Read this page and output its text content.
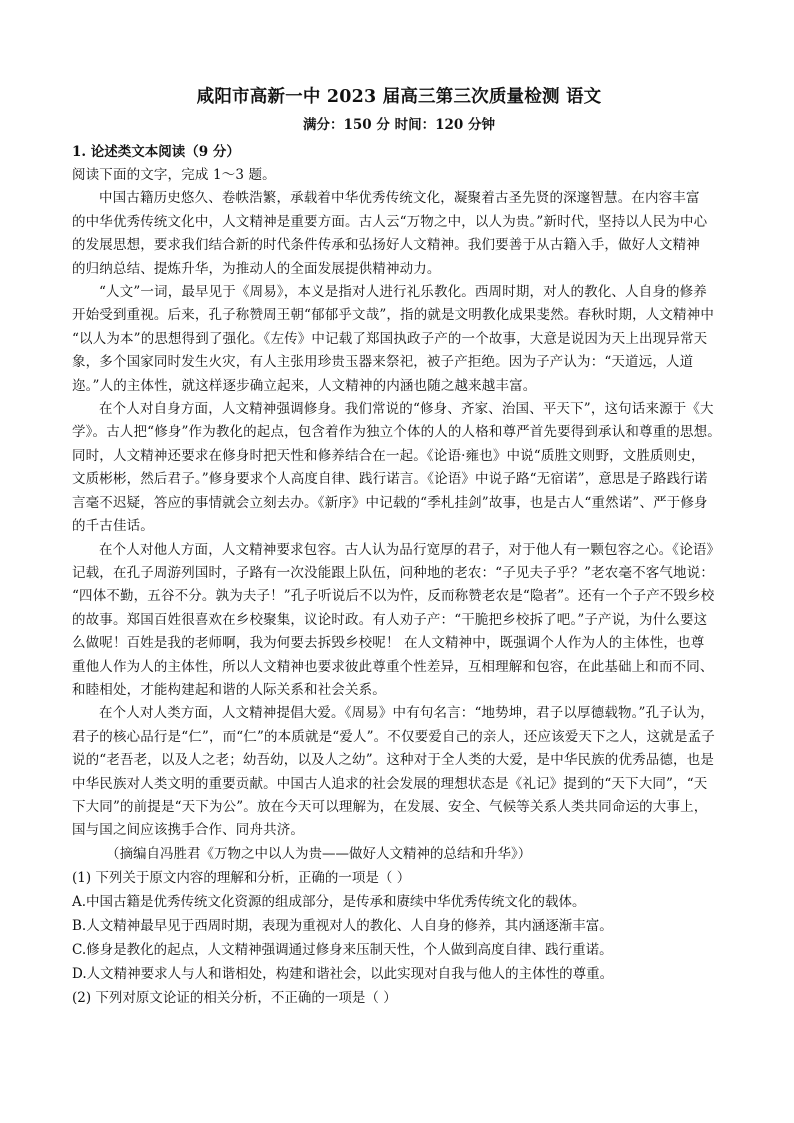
咸阳市高新一中 2023 届高三第三次质量检测 语文
满分：150 分 时间：120 分钟
1. 论述类文本阅读（9 分）
阅读下面的文字，完成 1～3 题。
中国古籍历史悠久、卷帙浩繁，承载着中华优秀传统文化，凝聚着古圣先贤的深邃智慧。在内容丰富
的中华优秀传统文化中，人文精神是重要方面。古人云“万物之中，以人为贵。”新时代，坚持以人民为中心
的发展思想，要求我们结合新的时代条件传承和弘扬好人文精神。我们要善于从古籍入手，做好人文精神
的归纳总结、提炼升华，为推动人的全面发展提供精神动力。
“人文”一词，最早见于《周易》，本义是指对人进行礼乐教化。西周时期，对人的教化、人自身的修养
开始受到重视。后来，孔子称赞周王朝“郁郁乎文哉”，指的就是文明教化成果斐然。春秋时期，人文精神中
“以人为本”的思想得到了强化。《左传》中记载了郑国执政子产的一个故事，大意是说因为天上出现异常天
象，多个国家同时发生火灾，有人主张用珍贵玉器来祭祀，被子产拒绝。因为子产认为：“天道远，人道
迩。”人的主体性，就这样逐步确立起来，人文精神的内涵也随之越来越丰富。
在个人对自身方面，人文精神强调修身。我们常说的“修身、齐家、治国、平天下”，这句话来源于《大
学》。古人把“修身”作为教化的起点，包含着作为独立个体的人的人格和尊严首先要得到承认和尊重的思想。
同时，人文精神还要求在修身时把天性和修养结合在一起。《论语·雍也》中说“质胜文则野，文胜质则史，
文质彬彬，然后君子。”修身要求个人高度自律、践行诺言。《论语》中说子路“无宿诺”，意思是子路践行诺
言毫不迟疑，答应的事情就会立刻去办。《新序》中记载的“季札挂剑”故事，也是古人“重然诺”、严于修身
的千古佳话。
在个人对他人方面，人文精神要求包容。古人认为品行宽厚的君子，对于他人有一颗包容之心。《论语》
记载，在孔子周游列国时，子路有一次没能跟上队伍，问种地的老农：“子见夫子乎？”老农毫不客气地说：
“四体不勤，五谷不分。孰为夫子！”孔子听说后不以为忤，反而称赞老农是“隐者”。还有一个子产不毁乡校
的故事。郑国百姓很喜欢在乡校聚集，议论时政。有人劝子产：“干脆把乡校拆了吧。”子产说，为什么要这
么做呢！百姓是我的老师啊，我为何要去拆毁乡校呢！ 在人文精神中，既强调个人作为人的主体性，也尊
重他人作为人的主体性，所以人文精神也要求彼此尊重个性差异，互相理解和包容，在此基础上和而不同、
和睦相处，才能构建起和谐的人际关系和社会关系。
在个人对人类方面，人文精神提倡大爱。《周易》中有句名言：“地势坤，君子以厚德载物。”孔子认为，
君子的核心品行是“仁”，而“仁”的本质就是“爱人”。不仅要爱自己的亲人，还应该爱天下之人，这就是孟子
说的“老吾老，以及人之老；幼吾幼，以及人之幼”。这种对于全人类的大爱，是中华民族的优秀品德，也是
中华民族对人类文明的重要贡献。中国古人追求的社会发展的理想状态是《礼记》提到的“天下大同”，“天
下大同”的前提是“天下为公”。放在今天可以理解为，在发展、安全、气候等关系人类共同命运的大事上，
国与国之间应该携手合作、同舟共济。
（摘编自冯胜君《万物之中以人为贵——做好人文精神的总结和升华》）
(1) 下列关于原文内容的理解和分析，正确的一项是（ ）
A.中国古籍是优秀传统文化资源的组成部分，是传承和赓续中华优秀传统文化的载体。
B.人文精神最早见于西周时期，表现为重视对人的教化、人自身的修养，其内涵逐渐丰富。
C.修身是教化的起点，人文精神强调通过修身来压制天性，个人做到高度自律、践行重诺。
D.人文精神要求人与人和谐相处，构建和谐社会，以此实现对自我与他人的主体性的尊重。
(2) 下列对原文论证的相关分析，不正确的一项是（ ）
